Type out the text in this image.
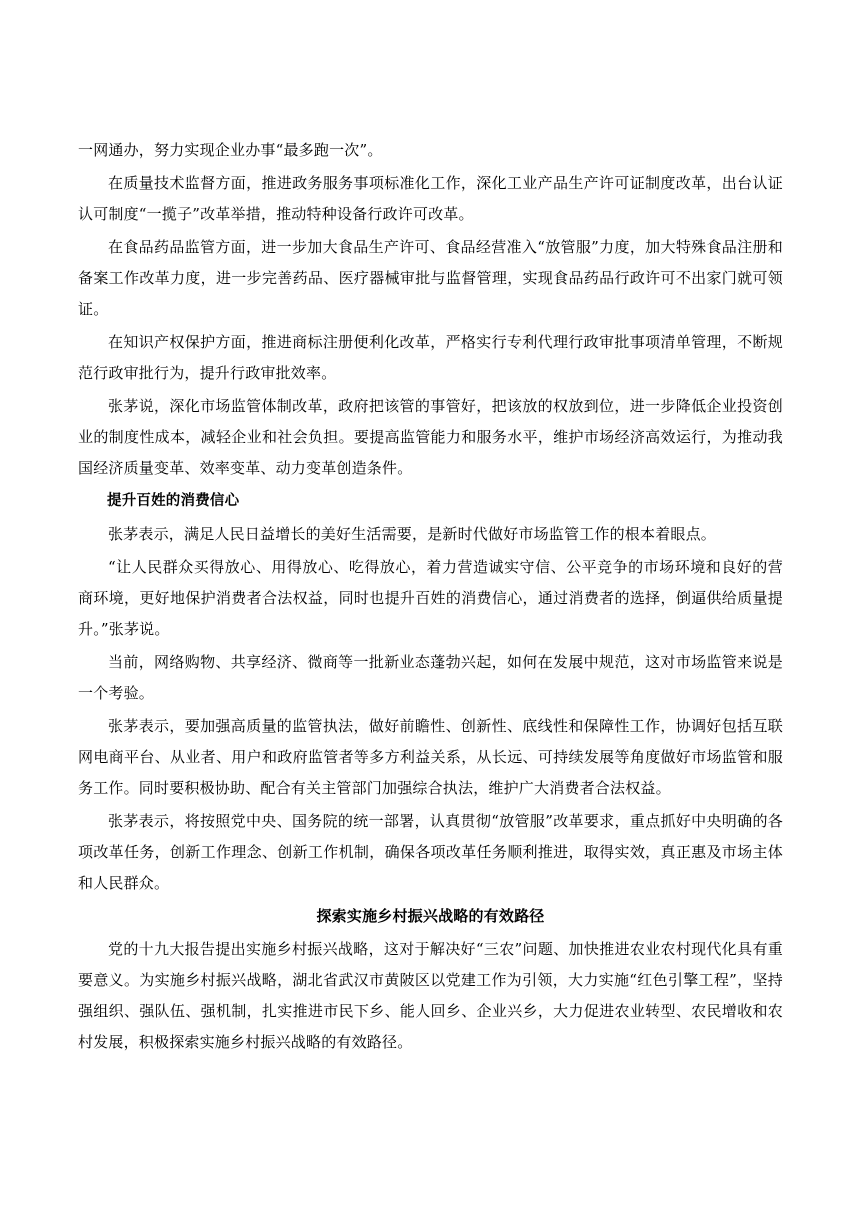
一网通办，努力实现企业办事“最多跑一次”。

在质量技术监督方面，推进政务服务事项标准化工作，深化工业产品生产许可证制度改革，出台认证认可制度“一揽子”改革举措，推动特种设备行政许可改革。

在食品药品监管方面，进一步加大食品生产许可、食品经营准入“放管服”力度，加大特殊食品注册和备案工作改革力度，进一步完善药品、医疗器械审批与监督管理，实现食品药品行政许可不出家门就可领证。

在知识产权保护方面，推进商标注册便利化改革，严格实行专利代理行政审批事项清单管理，不断规范行政审批行为，提升行政审批效率。

张茅说，深化市场监管体制改革，政府把该管的事管好，把该放的权放到位，进一步降低企业投资创业的制度性成本，减轻企业和社会负担。要提高监管能力和服务水平，维护市场经济高效运行，为推动我国经济质量变革、效率变革、动力变革创造条件。

提升百姓的消费信心

张茅表示，满足人民日益增长的美好生活需要，是新时代做好市场监管工作的根本着眼点。

“让人民群众买得放心、用得放心、吃得放心，着力营造诚实守信、公平竞争的市场环境和良好的营商环境，更好地保护消费者合法权益，同时也提升百姓的消费信心，通过消费者的选择，倒逼供给质量提升。”张茅说。

当前，网络购物、共享经济、微商等一批新业态蓬勃兴起，如何在发展中规范，这对市场监管来说是一个考验。

张茅表示，要加强高质量的监管执法，做好前瞻性、创新性、底线性和保障性工作，协调好包括互联网电商平台、从业者、用户和政府监管者等多方利益关系，从长远、可持续发展等角度做好市场监管和服务工作。同时要积极协助、配合有关主管部门加强综合执法，维护广大消费者合法权益。

张茅表示，将按照党中央、国务院的统一部署，认真贯彻“放管服”改革要求，重点抓好中央明确的各项改革任务，创新工作理念、创新工作机制，确保各项改革任务顺利推进，取得实效，真正惠及市场主体和人民群众。

探索实施乡村振兴战略的有效路径

党的十九大报告提出实施乡村振兴战略，这对于解决好“三农”问题、加快推进农业农村现代化具有重要意义。为实施乡村振兴战略，湖北省武汉市黄陂区以党建工作为引领，大力实施“红色引擎工程”，坚持强组织、强队伍、强机制，扎实推进市民下乡、能人回乡、企业兴乡，大力促进农业转型、农民增收和农村发展，积极探索实施乡村振兴战略的有效路径。
